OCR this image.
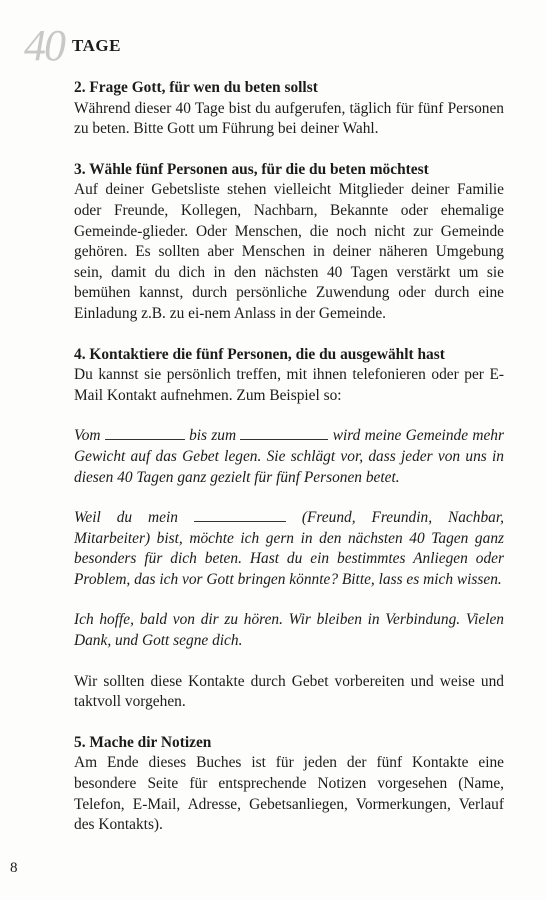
40 TAGE

2. Frage Gott, für wen du beten sollst

Während dieser 40 Tage bist du aufgerufen, täglich für fünf Personen zu beten. Bitte Gott um Führung bei deiner Wahl.

3. Wähle fünf Personen aus, für die du beten möchtest

Auf deiner Gebetsliste stehen vielleicht Mitglieder deiner Familie oder Freunde, Kollegen, Nachbarn, Bekannte oder ehemalige Gemeinde-glieder. Oder Menschen, die noch nicht zur Gemeinde gehören. Es sollten aber Menschen in deiner näheren Umgebung sein, damit du dich in den nächsten 40 Tagen verstärkt um sie bemühen kannst, durch persönliche Zuwendung oder durch eine Einladung z.B. zu ei-nem Anlass in der Gemeinde.

4. Kontaktiere die fünf Personen, die du ausgewählt hast

Du kannst sie persönlich treffen, mit ihnen telefonieren oder per E-Mail Kontakt aufnehmen. Zum Beispiel so:

Vom	bis zum	wird meine Gemeinde mehr Gewicht auf das Gebet legen. Sie schlägt vor, dass jeder von uns in diesen 40 Tagen ganz gezielt für fünf Personen betet.

Weil du mein	(Freund, Freundin, Nachbar, Mitarbeiter) bist, möchte ich gern in den nächsten 40 Tagen ganz besonders für dich beten. Hast du ein bestimmtes Anliegen oder Problem, das ich vor Gott bringen könnte? Bitte, lass es mich wissen.

Ich hoffe, bald von dir zu hören. Wir bleiben in Verbindung. Vielen Dank, und Gott segne dich.

Wir sollten diese Kontakte durch Gebet vorbereiten und weise und taktvoll vorgehen.

5. Mache dir Notizen

Am Ende dieses Buches ist für jeden der fünf Kontakte eine besondere Seite für entsprechende Notizen vorgesehen (Name, Telefon, E-Mail, Adresse, Gebetsanliegen, Vormerkungen, Verlauf des Kontakts).

8
